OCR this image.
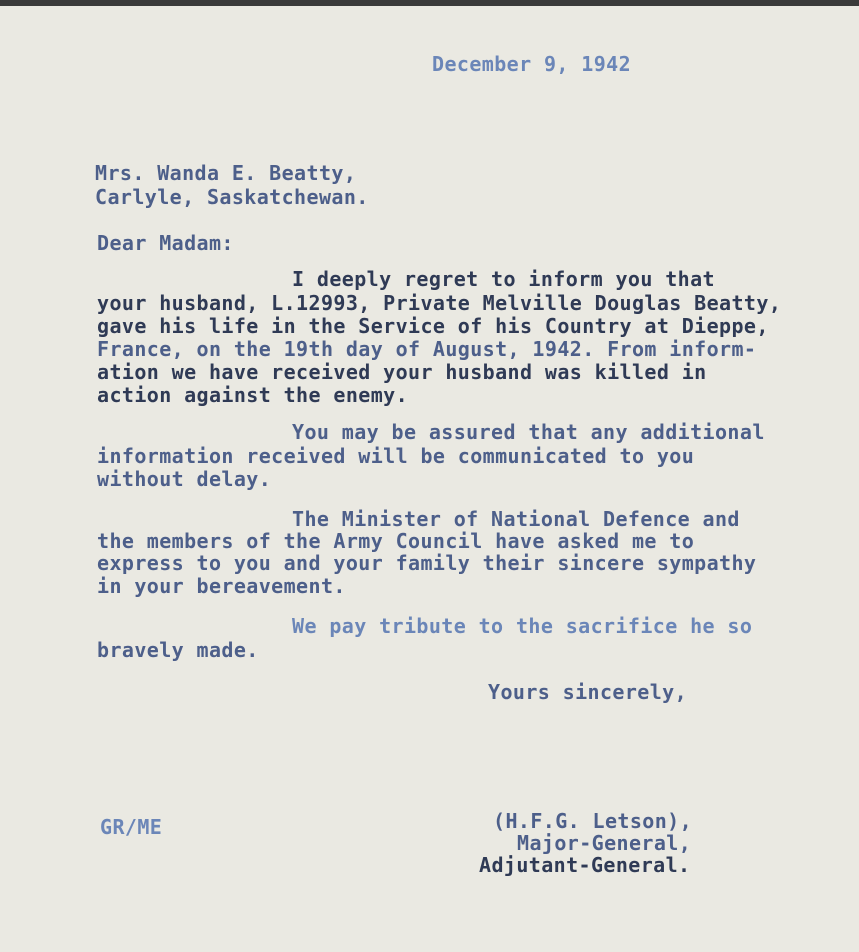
December 9, 1942
Mrs. Wanda E. Beatty,
Carlyle, Saskatchewan.
Dear Madam:
I deeply regret to inform you that
your husband, L.12993, Private Melville Douglas Beatty,
gave his life in the Service of his Country at Dieppe,
France, on the 19th day of August, 1942. From inform-
ation we have received your husband was killed in
action against the enemy.
You may be assured that any additional
information received will be communicated to you
without delay.
The Minister of National Defence and
the members of the Army Council have asked me to
express to you and your family their sincere sympathy
in your bereavement.
We pay tribute to the sacrifice he so
bravely made.
Yours sincerely,
GR/ME	(H.F.G. Letson),
Major-General,
Adjutant-General.
